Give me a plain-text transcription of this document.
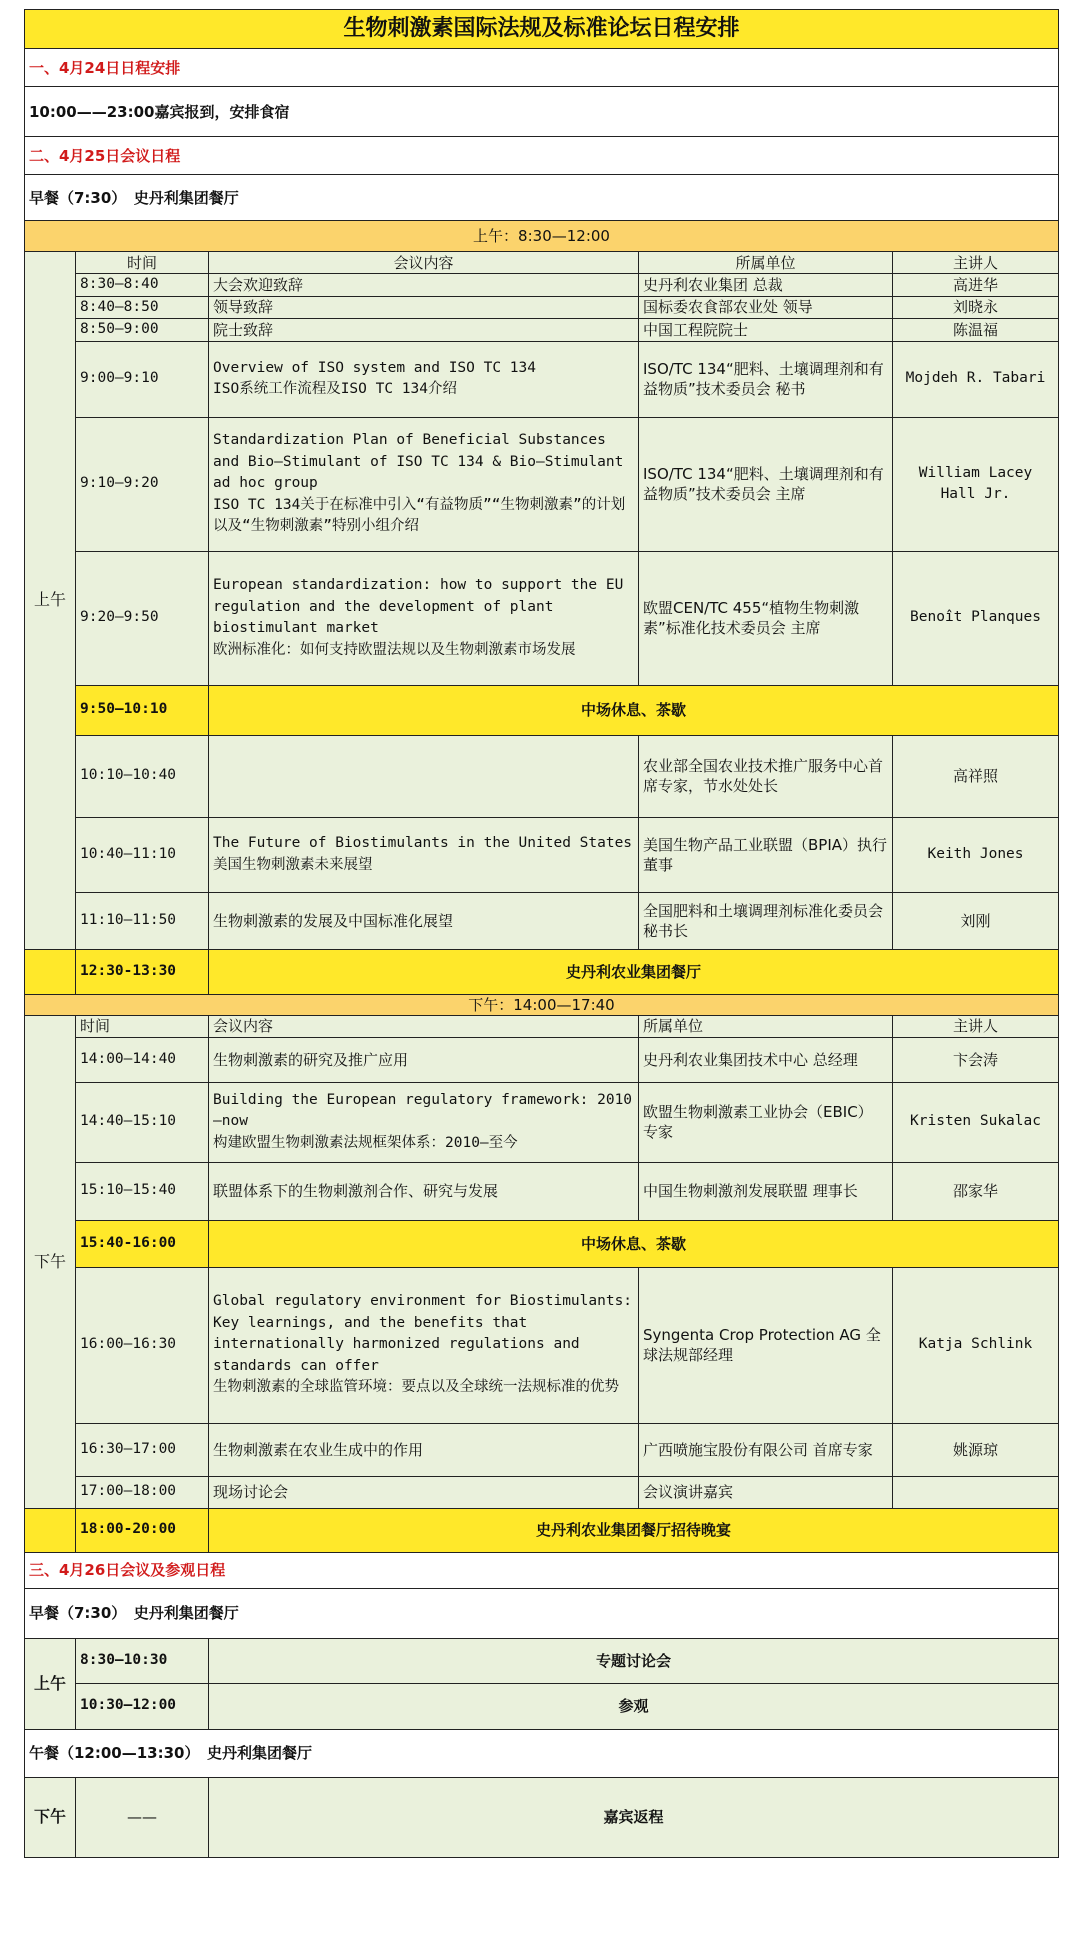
生物刺激素国际法规及标准论坛日程安排				
一、4月24日日程安排				
10:00——23:00嘉宾报到，安排食宿				
二、4月25日会议日程				
早餐（7:30）　史丹利集团餐厅				
上午：8:30—12:00				
上午	时间	会议内容	所属单位	主讲人
	8:30—8:40	大会欢迎致辞	史丹利农业集团 总裁	高进华
	8:40—8:50	领导致辞	国标委农食部农业处 领导	刘晓永
	8:50—9:00	院士致辞	中国工程院院士	陈温福
	9:00—9:10	Overview of ISO system and ISO TC 134
ISO系统工作流程及ISO TC 134介绍	ISO/TC 134“肥料、土壤调理剂和有益物质”技术委员会 秘书	Mojdeh R. Tabari
	9:10—9:20	Standardization Plan of Beneficial Substances and Bio—Stimulant of ISO TC 134 & Bio—Stimulant ad hoc group
ISO TC 134关于在标准中引入“有益物质”“生物刺激素”的计划以及“生物刺激素”特别小组介绍	ISO/TC 134“肥料、土壤调理剂和有益物质”技术委员会 主席	William Lacey Hall Jr.
	9:20—9:50	European standardization: how to support the EU regulation and the development of plant biostimulant market
欧洲标准化：如何支持欧盟法规以及生物刺激素市场发展	欧盟CEN/TC 455“植物生物刺激素”标准化技术委员会 主席	Benoît Planques
	9:50—10:10	中场休息、茶歇		
	10:10—10:40		农业部全国农业技术推广服务中心首席专家，节水处处长	高祥照
	10:40—11:10	The Future of Biostimulants in the United States
美国生物刺激素未来展望	美国生物产品工业联盟（BPIA）执行董事	Keith Jones
	11:10—11:50	生物刺激素的发展及中国标准化展望	全国肥料和土壤调理剂标准化委员会 秘书长	刘刚
	12:30-13:30	史丹利农业集团餐厅		
下午：14:00—17:40				
下午	时间	会议内容	所属单位	主讲人
	14:00—14:40	生物刺激素的研究及推广应用	史丹利农业集团技术中心 总经理	卞会涛
	14:40—15:10	Building the European regulatory framework: 2010—now
构建欧盟生物刺激素法规框架体系：2010—至今	欧盟生物刺激素工业协会（EBIC） 专家	Kristen Sukalac
	15:10—15:40	联盟体系下的生物刺激剂合作、研究与发展	中国生物刺激剂发展联盟 理事长	邵家华
	15:40-16:00	中场休息、茶歇		
	16:00—16:30	Global regulatory environment for Biostimulants: Key learnings, and the benefits that internationally harmonized regulations and standards can offer
生物刺激素的全球监管环境：要点以及全球统一法规标准的优势	Syngenta Crop Protection AG 全球法规部经理	Katja Schlink
	16:30—17:00	生物刺激素在农业生成中的作用	广西喷施宝股份有限公司 首席专家	姚源琼
	17:00—18:00	现场讨论会	会议演讲嘉宾	
	18:00-20:00	史丹利农业集团餐厅招待晚宴		
三、4月26日会议及参观日程				
早餐（7:30）　史丹利集团餐厅				
上午	8:30—10:30	专题讨论会		
	10:30—12:00	参观		
午餐（12:00—13:30）　史丹利集团餐厅				
下午	——	嘉宾返程		
